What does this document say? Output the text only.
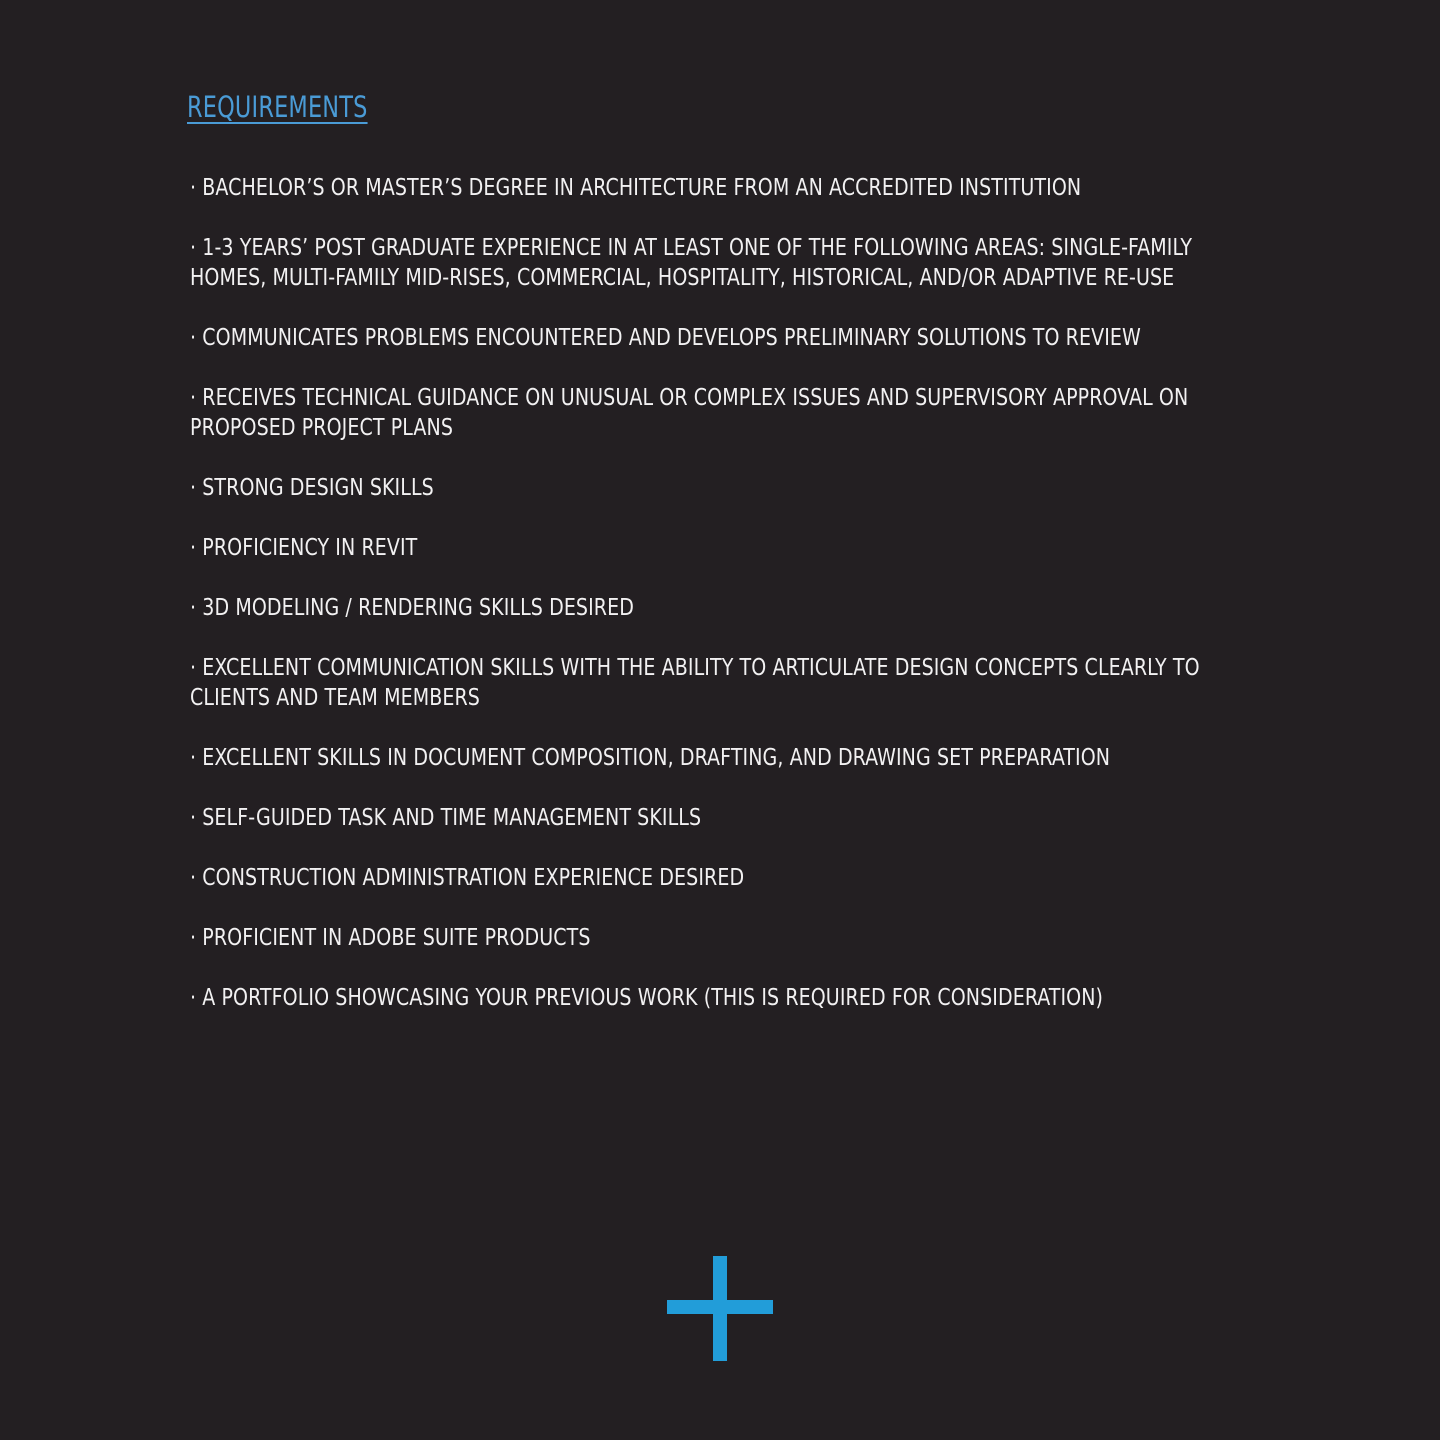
REQUIREMENTS
· BACHELOR’S OR MASTER’S DEGREE IN ARCHITECTURE FROM AN ACCREDITED INSTITUTION
· 1-3 YEARS’ POST GRADUATE EXPERIENCE IN AT LEAST ONE OF THE FOLLOWING AREAS: SINGLE-FAMILY HOMES, MULTI-FAMILY MID-RISES, COMMERCIAL, HOSPITALITY, HISTORICAL, AND/OR ADAPTIVE RE-USE
· COMMUNICATES PROBLEMS ENCOUNTERED AND DEVELOPS PRELIMINARY SOLUTIONS TO REVIEW
· RECEIVES TECHNICAL GUIDANCE ON UNUSUAL OR COMPLEX ISSUES AND SUPERVISORY APPROVAL ON PROPOSED PROJECT PLANS
· STRONG DESIGN SKILLS
· PROFICIENCY IN REVIT
· 3D MODELING / RENDERING SKILLS DESIRED
· EXCELLENT COMMUNICATION SKILLS WITH THE ABILITY TO ARTICULATE DESIGN CONCEPTS CLEARLY TO CLIENTS AND TEAM MEMBERS
· EXCELLENT SKILLS IN DOCUMENT COMPOSITION, DRAFTING, AND DRAWING SET PREPARATION
· SELF-GUIDED TASK AND TIME MANAGEMENT SKILLS
· CONSTRUCTION ADMINISTRATION EXPERIENCE DESIRED
· PROFICIENT IN ADOBE SUITE PRODUCTS
· A PORTFOLIO SHOWCASING YOUR PREVIOUS WORK (THIS IS REQUIRED FOR CONSIDERATION)
